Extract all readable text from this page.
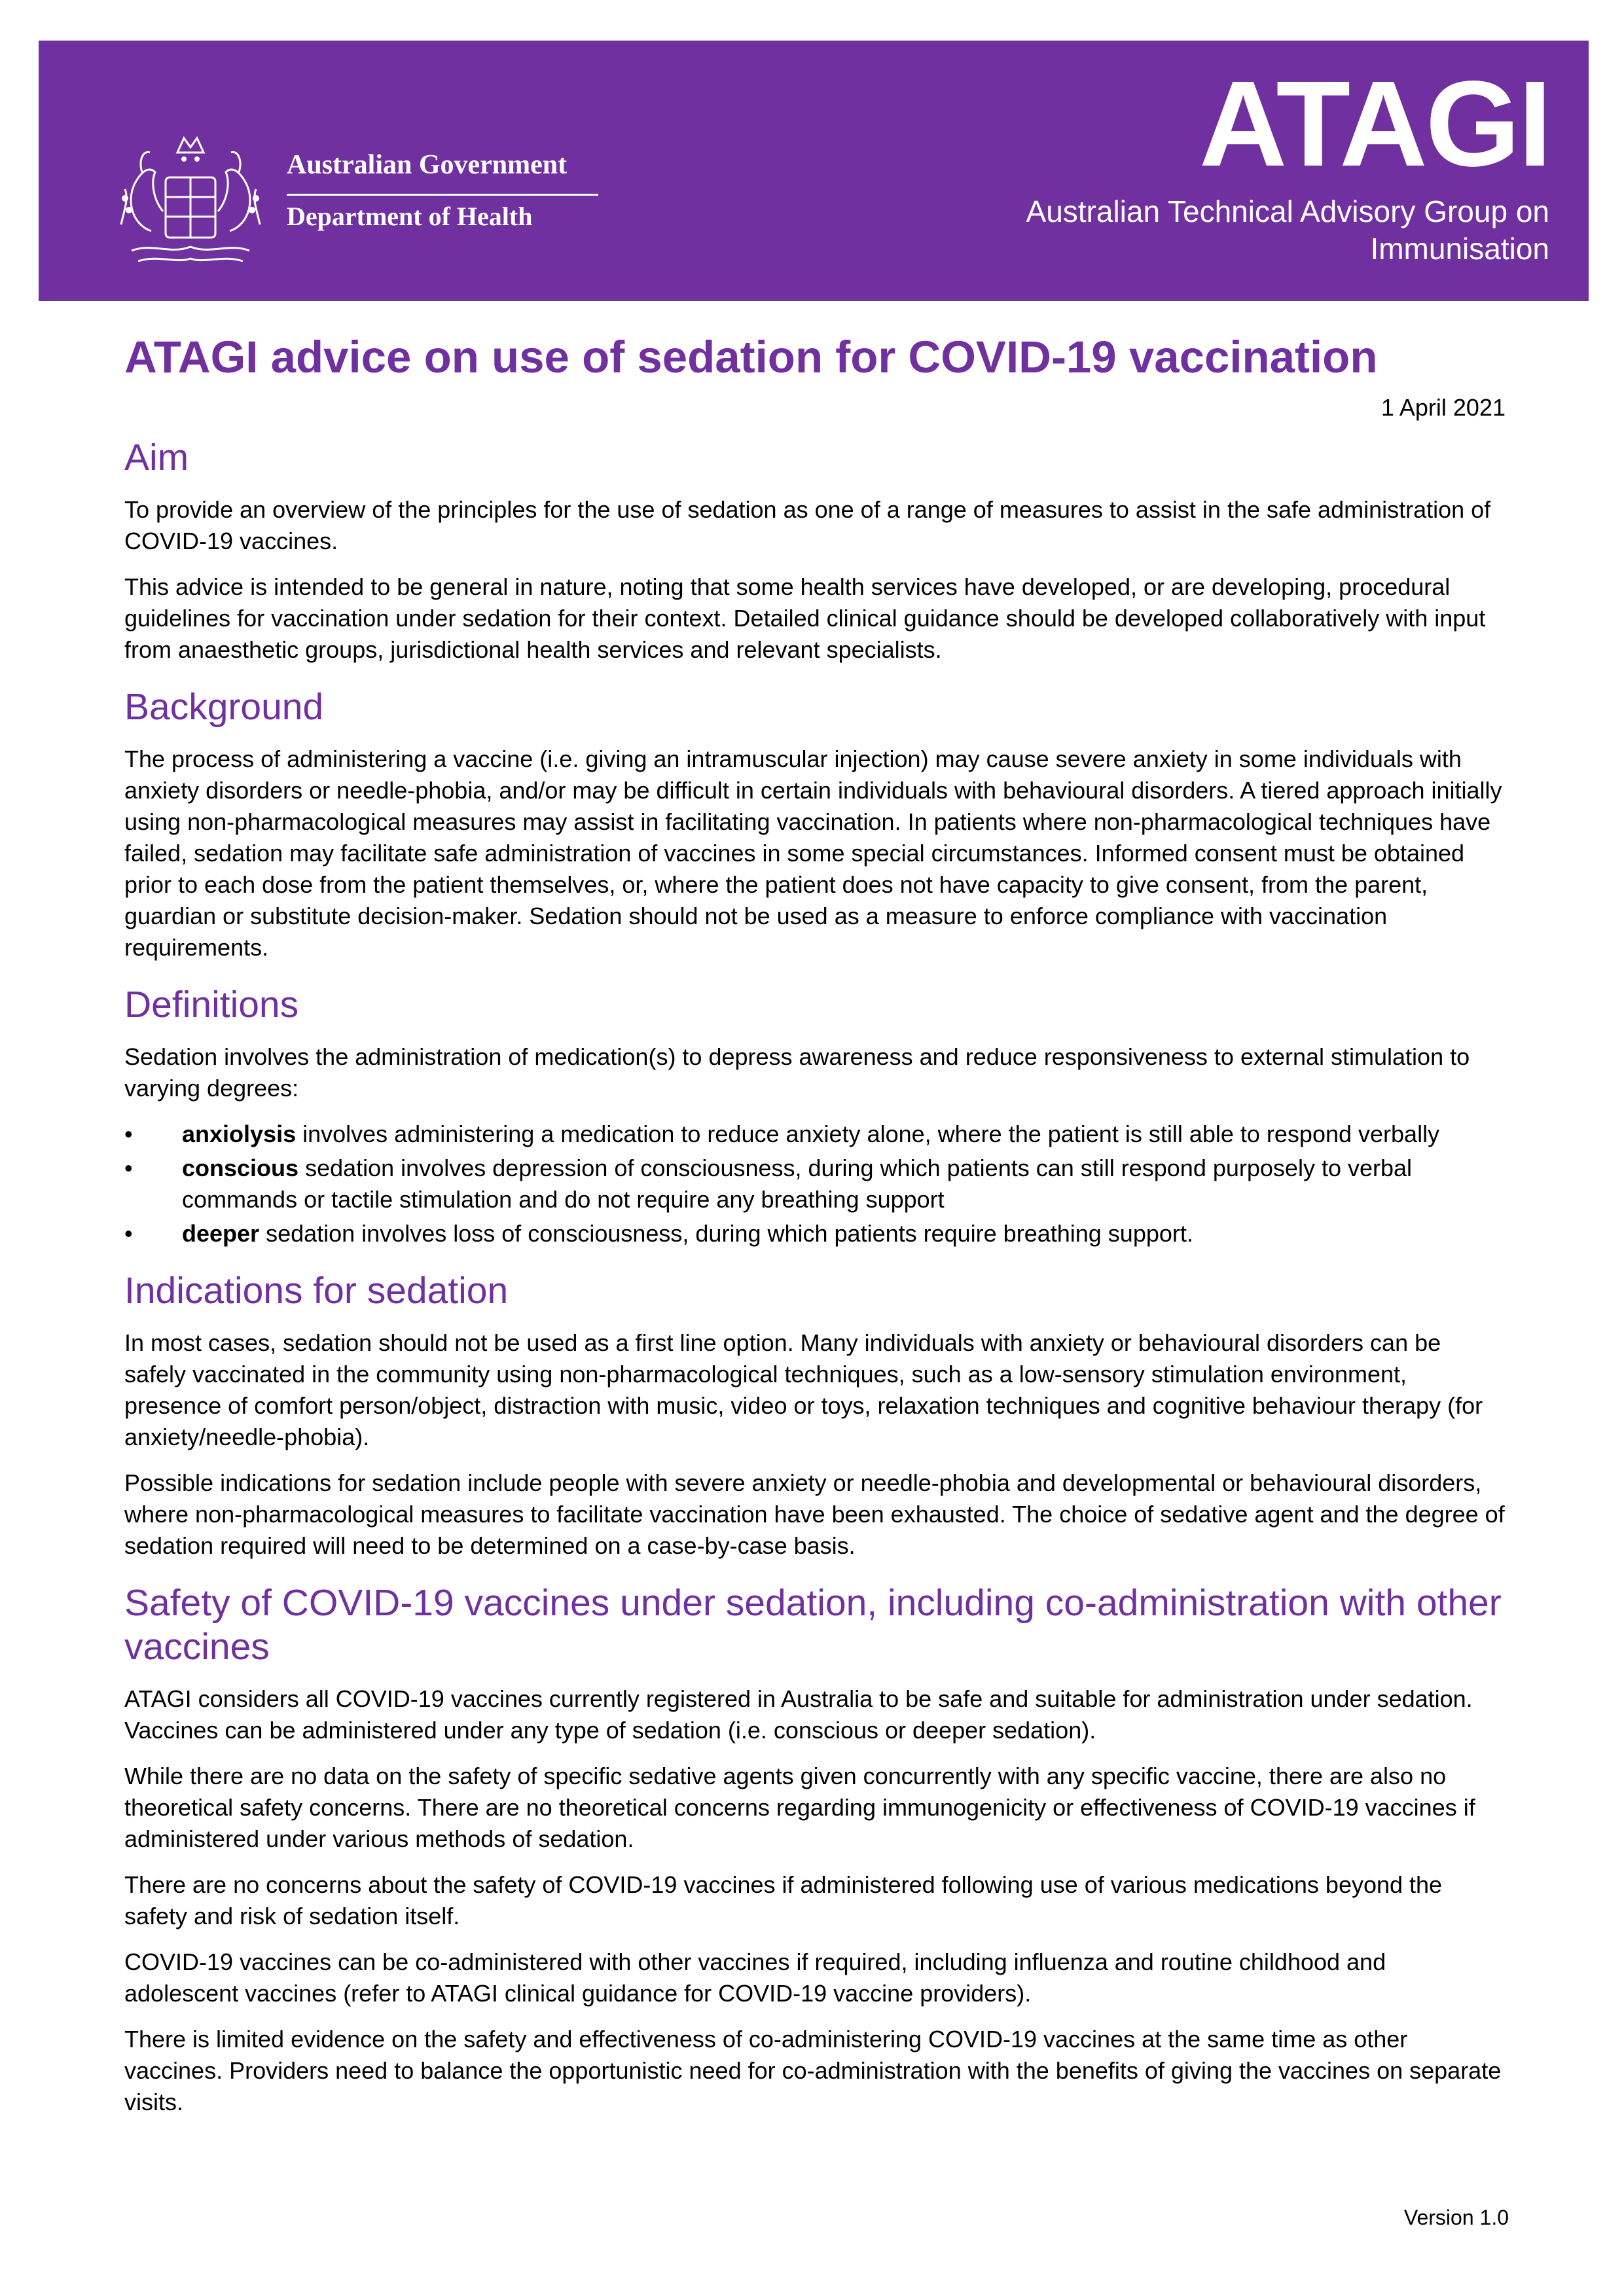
Australian Government
Department of Health
ATAGI
Australian Technical Advisory Group on Immunisation
ATAGI advice on use of sedation for COVID-19 vaccination
1 April 2021
Aim

To provide an overview of the principles for the use of sedation as one of a range of measures to assist in the safe administration of COVID-19 vaccines.

This advice is intended to be general in nature, noting that some health services have developed, or are developing, procedural guidelines for vaccination under sedation for their context. Detailed clinical guidance should be developed collaboratively with input from anaesthetic groups, jurisdictional health services and relevant specialists.

Background

The process of administering a vaccine (i.e. giving an intramuscular injection) may cause severe anxiety in some individuals with anxiety disorders or needle-phobia, and/or may be difficult in certain individuals with behavioural disorders. A tiered approach initially using non-pharmacological measures may assist in facilitating vaccination. In patients where non-pharmacological techniques have failed, sedation may facilitate safe administration of vaccines in some special circumstances. Informed consent must be obtained prior to each dose from the patient themselves, or, where the patient does not have capacity to give consent, from the parent, guardian or substitute decision-maker. Sedation should not be used as a measure to enforce compliance with vaccination requirements.

Definitions

Sedation involves the administration of medication(s) to depress awareness and reduce responsiveness to external stimulation to varying degrees:

• anxiolysis involves administering a medication to reduce anxiety alone, where the patient is still able to respond verbally
• conscious sedation involves depression of consciousness, during which patients can still respond purposely to verbal commands or tactile stimulation and do not require any breathing support
• deeper sedation involves loss of consciousness, during which patients require breathing support.
Indications for sedation

In most cases, sedation should not be used as a first line option. Many individuals with anxiety or behavioural disorders can be safely vaccinated in the community using non-pharmacological techniques, such as a low-sensory stimulation environment, presence of comfort person/object, distraction with music, video or toys, relaxation techniques and cognitive behaviour therapy (for anxiety/needle-phobia).

Possible indications for sedation include people with severe anxiety or needle-phobia and developmental or behavioural disorders, where non-pharmacological measures to facilitate vaccination have been exhausted. The choice of sedative agent and the degree of sedation required will need to be determined on a case-by-case basis.

Safety of COVID-19 vaccines under sedation, including co-administration with other vaccines

ATAGI considers all COVID-19 vaccines currently registered in Australia to be safe and suitable for administration under sedation. Vaccines can be administered under any type of sedation (i.e. conscious or deeper sedation).

While there are no data on the safety of specific sedative agents given concurrently with any specific vaccine, there are also no theoretical safety concerns. There are no theoretical concerns regarding immunogenicity or effectiveness of COVID-19 vaccines if administered under various methods of sedation.

There are no concerns about the safety of COVID-19 vaccines if administered following use of various medications beyond the safety and risk of sedation itself.

COVID-19 vaccines can be co-administered with other vaccines if required, including influenza and routine childhood and adolescent vaccines (refer to ATAGI clinical guidance for COVID-19 vaccine providers).

There is limited evidence on the safety and effectiveness of co-administering COVID-19 vaccines at the same time as other vaccines. Providers need to balance the opportunistic need for co-administration with the benefits of giving the vaccines on separate visits.

Version 1.0
